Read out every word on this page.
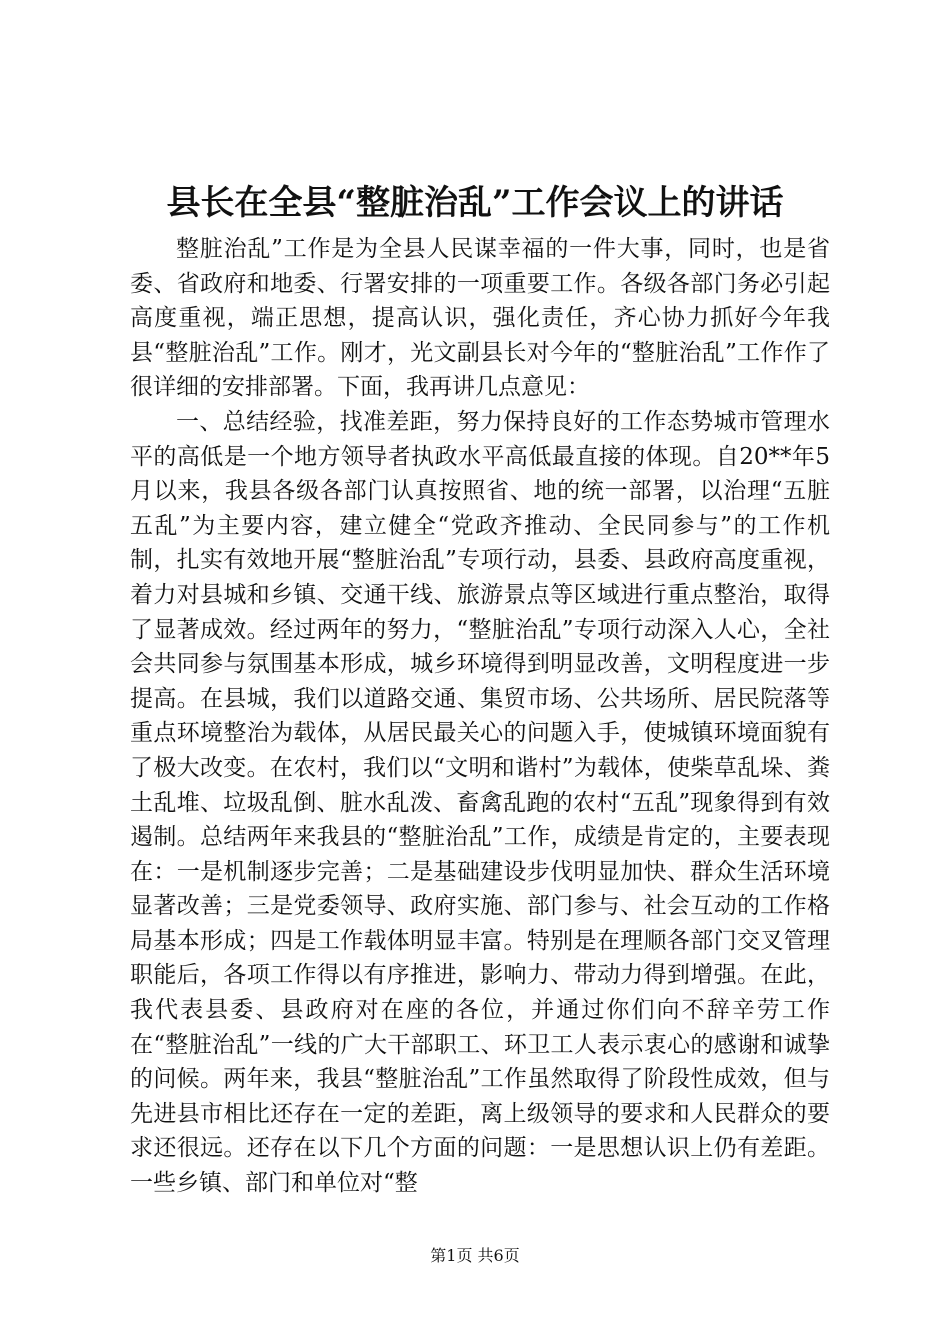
县长在全县“整脏治乱”工作会议上的讲话

整脏治乱”工作是为全县人民谋幸福的一件大事，同时，也是省委、省政府和地委、行署安排的一项重要工作。各级各部门务必引起高度重视，端正思想，提高认识，强化责任，齐心协力抓好今年我县“整脏治乱”工作。刚才，光文副县长对今年的“整脏治乱”工作作了很详细的安排部署。下面，我再讲几点意见：

一、总结经验，找准差距，努力保持良好的工作态势城市管理水平的高低是一个地方领导者执政水平高低最直接的体现。自20**年5月以来，我县各级各部门认真按照省、地的统一部署，以治理“五脏五乱”为主要内容，建立健全“党政齐推动、全民同参与”的工作机制，扎实有效地开展“整脏治乱”专项行动，县委、县政府高度重视，着力对县城和乡镇、交通干线、旅游景点等区域进行重点整治，取得了显著成效。经过两年的努力，“整脏治乱”专项行动深入人心，全社会共同参与氛围基本形成，城乡环境得到明显改善，文明程度进一步提高。在县城，我们以道路交通、集贸市场、公共场所、居民院落等重点环境整治为载体，从居民最关心的问题入手，使城镇环境面貌有了极大改变。在农村，我们以“文明和谐村”为载体，使柴草乱垛、粪土乱堆、垃圾乱倒、脏水乱泼、畜禽乱跑的农村“五乱”现象得到有效遏制。总结两年来我县的“整脏治乱”工作，成绩是肯定的，主要表现在：一是机制逐步完善；二是基础建设步伐明显加快、群众生活环境显著改善；三是党委领导、政府实施、部门参与、社会互动的工作格局基本形成；四是工作载体明显丰富。特别是在理顺各部门交叉管理职能后，各项工作得以有序推进，影响力、带动力得到增强。在此，我代表县委、县政府对在座的各位，并通过你们向不辞辛劳工作在“整脏治乱”一线的广大干部职工、环卫工人表示衷心的感谢和诚挚的问候。两年来，我县“整脏治乱”工作虽然取得了阶段性成效，但与先进县市相比还存在一定的差距，离上级领导的要求和人民群众的要求还很远。还存在以下几个方面的问题：一是思想认识上仍有差距。一些乡镇、部门和单位对“整

第1页 共6页
